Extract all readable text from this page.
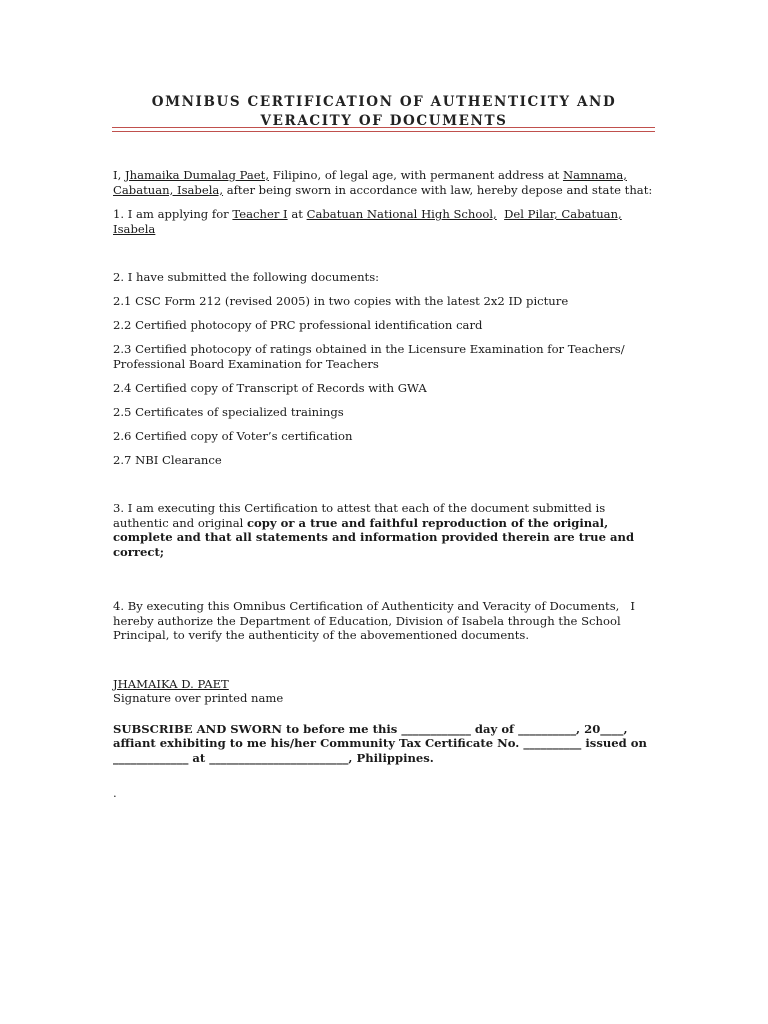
OMNIBUS CERTIFICATION OF AUTHENTICITY AND
VERACITY OF DOCUMENTS

I, Jhamaika Dumalag Paet, Filipino, of legal age, with permanent address at Namnama, Cabatuan, Isabela, after being sworn in accordance with law, hereby depose and state that:

1. I am applying for Teacher I at Cabatuan National High School, Del Pilar, Cabatuan, Isabela

2. I have submitted the following documents:

2.1 CSC Form 212 (revised 2005) in two copies with the latest 2x2 ID picture

2.2 Certified photocopy of PRC professional identification card

2.3 Certified photocopy of ratings obtained in the Licensure Examination for Teachers/ Professional Board Examination for Teachers

2.4 Certified copy of Transcript of Records with GWA

2.5 Certificates of specialized trainings

2.6 Certified copy of Voter’s certification

2.7 NBI Clearance

3. I am executing this Certification to attest that each of the document submitted is authentic and original copy or a true and faithful reproduction of the original, complete and that all statements and information provided therein are true and correct;

4. By executing this Omnibus Certification of Authenticity and Veracity of Documents,   I hereby authorize the Department of Education, Division of Isabela through the School Principal, to verify the authenticity of the abovementioned documents.

JHAMAIKA D. PAET
Signature over printed name

SUBSCRIBE AND SWORN to before me this ____________ day of __________, 20____, affiant exhibiting to me his/her Community Tax Certificate No. __________ issued on _____________ at ________________________, Philippines.

.
